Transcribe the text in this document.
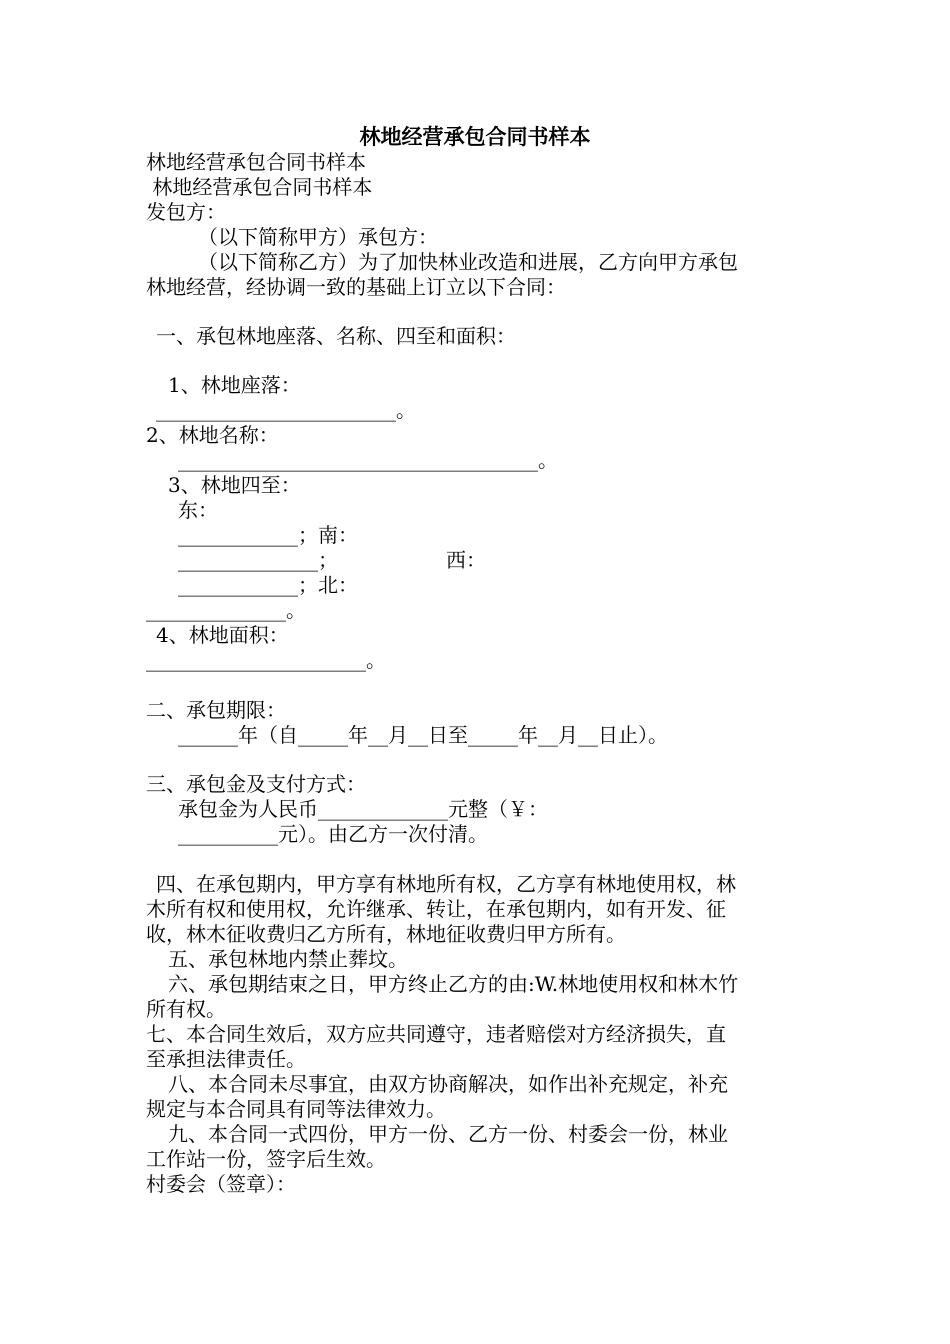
林地经营承包合同书样本
林地经营承包合同书样本
林地经营承包合同书样本
发包方：
（以下简称甲方）承包方：
（以下简称乙方）为了加快林业改造和进展，乙方向甲方承包
林地经营，经协调一致的基础上订立以下合同：
一、承包林地座落、名称、四至和面积：
1、林地座落：
________________________。
2、林地名称：
____________________________________。
3、林地四至：
东：
____________；南：
______________；	西：
____________；北：
______________。
4、林地面积：
______________________。
二、承包期限：
______年（自_____年__月__日至_____年__月__日止）。
三、承包金及支付方式：
承包金为人民币_____________元整（￥：
__________元）。由乙方一次付清。
四、在承包期内，甲方享有林地所有权，乙方享有林地使用权，林
木所有权和使用权，允许继承、转让，在承包期内，如有开发、征
收，林木征收费归乙方所有，林地征收费归甲方所有。
五、承包林地内禁止葬坟。
六、承包期结束之日，甲方终止乙方的由:W.林地使用权和林木竹
所有权。
七、本合同生效后，双方应共同遵守，违者赔偿对方经济损失，直
至承担法律责任。
八、本合同未尽事宜，由双方协商解决，如作出补充规定，补充
规定与本合同具有同等法律效力。
九、本合同一式四份，甲方一份、乙方一份、村委会一份，林业
工作站一份，签字后生效。
村委会（签章）：
